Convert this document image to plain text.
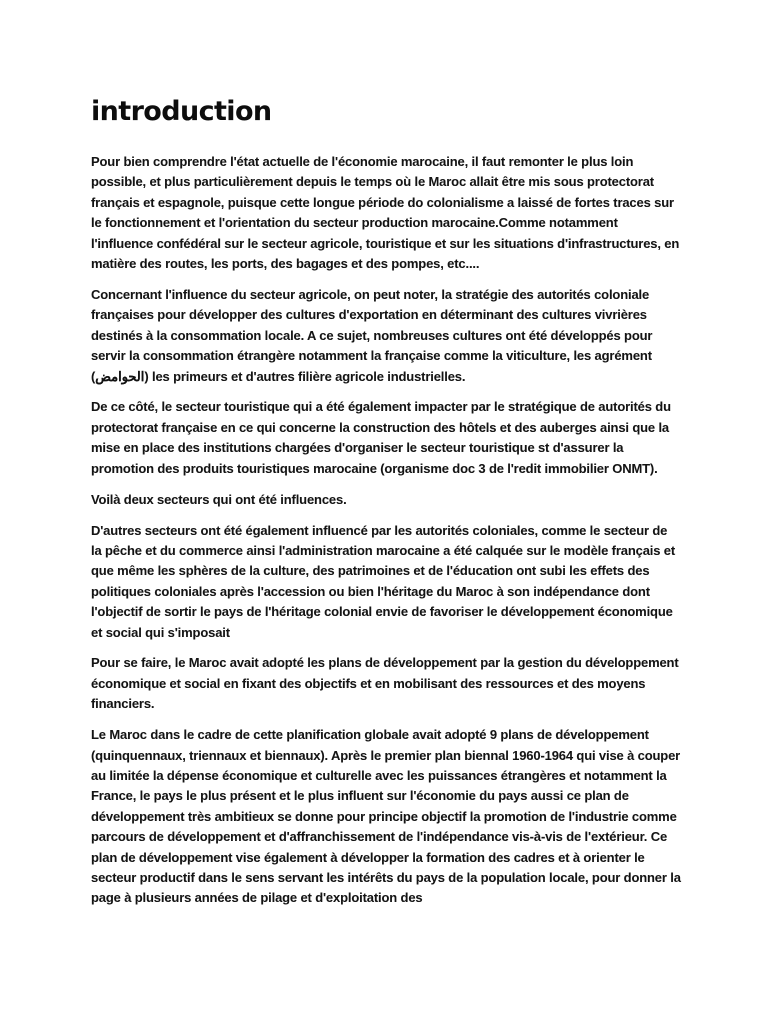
introduction

Pour bien comprendre l'état actuelle de l'économie marocaine, il faut remonter le plus loin possible, et plus particulièrement depuis le temps où le Maroc allait être mis sous protectorat français et espagnole, puisque cette longue période do colonialisme a laissé de fortes traces sur le fonctionnement et l'orientation du secteur production marocaine.Comme notamment l'influence confédéral sur le secteur agricole, touristique et sur les situations d'infrastructures, en matière des routes, les ports, des bagages et des pompes, etc....

Concernant l'influence du secteur agricole, on peut noter, la stratégie des autorités coloniale françaises pour développer des cultures d'exportation en déterminant des cultures vivrières destinés à la consommation locale. A ce sujet, nombreuses cultures ont été développés pour servir la consommation étrangère notamment la française comme la viticulture, les agrément (الحوامض) les primeurs et d'autres filière agricole industrielles.

De ce côté, le secteur touristique qui a été également impacter par le stratégique de autorités du protectorat française en ce qui concerne la construction des hôtels et des auberges ainsi que la mise en place des institutions chargées d'organiser le secteur touristique st d'assurer la promotion des produits touristiques marocaine (organisme doc 3 de l'redit immobilier ONMT).

Voilà deux secteurs qui ont été influences.

D'autres secteurs ont été également influencé par les autorités coloniales, comme le secteur de la pêche et du commerce ainsi l'administration marocaine a été calquée sur le modèle français et que même les sphères de la culture, des patrimoines et de l'éducation ont subi les effets des politiques coloniales après l'accession ou bien l'héritage du Maroc à son indépendance dont l'objectif de sortir le pays de l'héritage colonial envie de favoriser le développement économique et social qui s'imposait

Pour se faire, le Maroc avait adopté les plans de développement par la gestion du développement économique et social en fixant des objectifs et en mobilisant des ressources et des moyens financiers.

Le Maroc dans le cadre de cette planification globale avait adopté 9 plans de développement (quinquennaux, triennaux et biennaux). Après le premier plan biennal 1960-1964 qui vise à couper au limitée la dépense économique et culturelle avec les puissances étrangères et notamment la France, le pays le plus présent et le plus influent sur l'économie du pays aussi ce plan de développement très ambitieux se donne pour principe objectif la promotion de l'industrie comme parcours de développement et d'affranchissement de l'indépendance vis-à-vis de l'extérieur. Ce plan de développement vise également à développer la formation des cadres et à orienter le secteur productif dans le sens servant les intérêts du pays de la population locale, pour donner la page à plusieurs années de pilage et d'exploitation des
